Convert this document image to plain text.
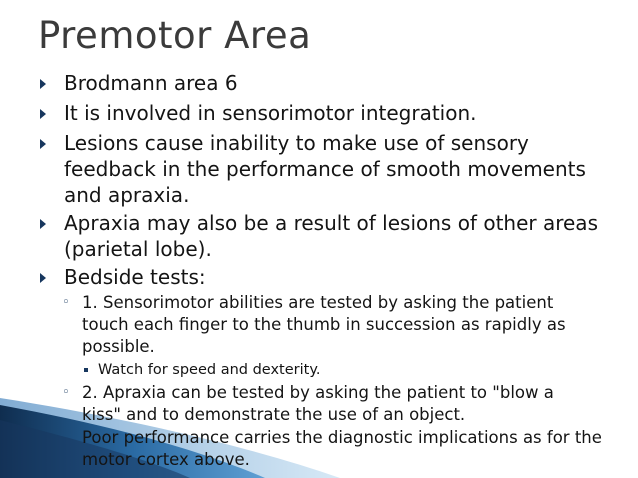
Premotor Area
Brodmann area 6
It is involved in sensorimotor integration.
Lesions cause inability to make use of sensory feedback in the performance of smooth movements and apraxia.
Apraxia may also be a result of lesions of other areas (parietal lobe).
Bedside tests:
◦ 1. Sensorimotor abilities are tested by asking the patient touch each finger to the thumb in succession as rapidly as possible.
Watch for speed and dexterity.
◦ 2. Apraxia can be tested by asking the patient to "blow a kiss" and to demonstrate the use of an object.
Poor performance carries the diagnostic implications as for the motor cortex above.
